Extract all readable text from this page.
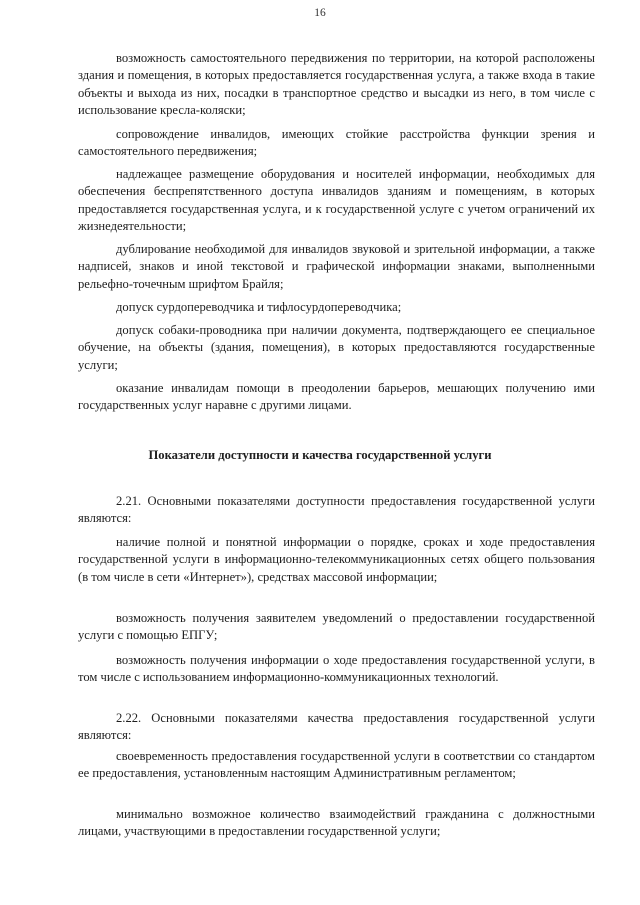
16

возможность самостоятельного передвижения по территории, на которой расположены здания и помещения, в которых предоставляется государственная услуга, а также входа в такие объекты и выхода из них, посадки в транспортное средство и высадки из него, в том числе с использование кресла-коляски;

сопровождение инвалидов, имеющих стойкие расстройства функции зрения и самостоятельного передвижения;

надлежащее размещение оборудования и носителей информации, необходимых для обеспечения беспрепятственного доступа инвалидов зданиям и помещениям, в которых предоставляется государственная услуга, и к государственной услуге с учетом ограничений их жизнедеятельности;

дублирование необходимой для инвалидов звуковой и зрительной информации, а также надписей, знаков и иной текстовой и графической информации знаками, выполненными рельефно-точечным шрифтом Брайля;

допуск сурдопереводчика и тифлосурдопереводчика;

допуск собаки-проводника при наличии документа, подтверждающего ее специальное обучение, на объекты (здания, помещения), в которых предоставляются государственные услуги;

оказание инвалидам помощи в преодолении барьеров, мешающих получению ими государственных услуг наравне с другими лицами.

Показатели доступности и качества государственной услуги

2.21. Основными показателями доступности предоставления государственной услуги являются:

наличие полной и понятной информации о порядке, сроках и ходе предоставления государственной услуги в информационно-телекоммуникационных сетях общего пользования (в том числе в сети «Интернет»), средствах массовой информации;

возможность получения заявителем уведомлений о предоставлении государственной услуги с помощью ЕПГУ;

возможность получения информации о ходе предоставления государственной услуги, в том числе с использованием информационно-коммуникационных технологий.

2.22. Основными показателями качества предоставления государственной услуги являются:

своевременность предоставления государственной услуги в соответствии со стандартом ее предоставления, установленным настоящим Административным регламентом;

минимально возможное количество взаимодействий гражданина с должностными лицами, участвующими в предоставлении государственной услуги;
